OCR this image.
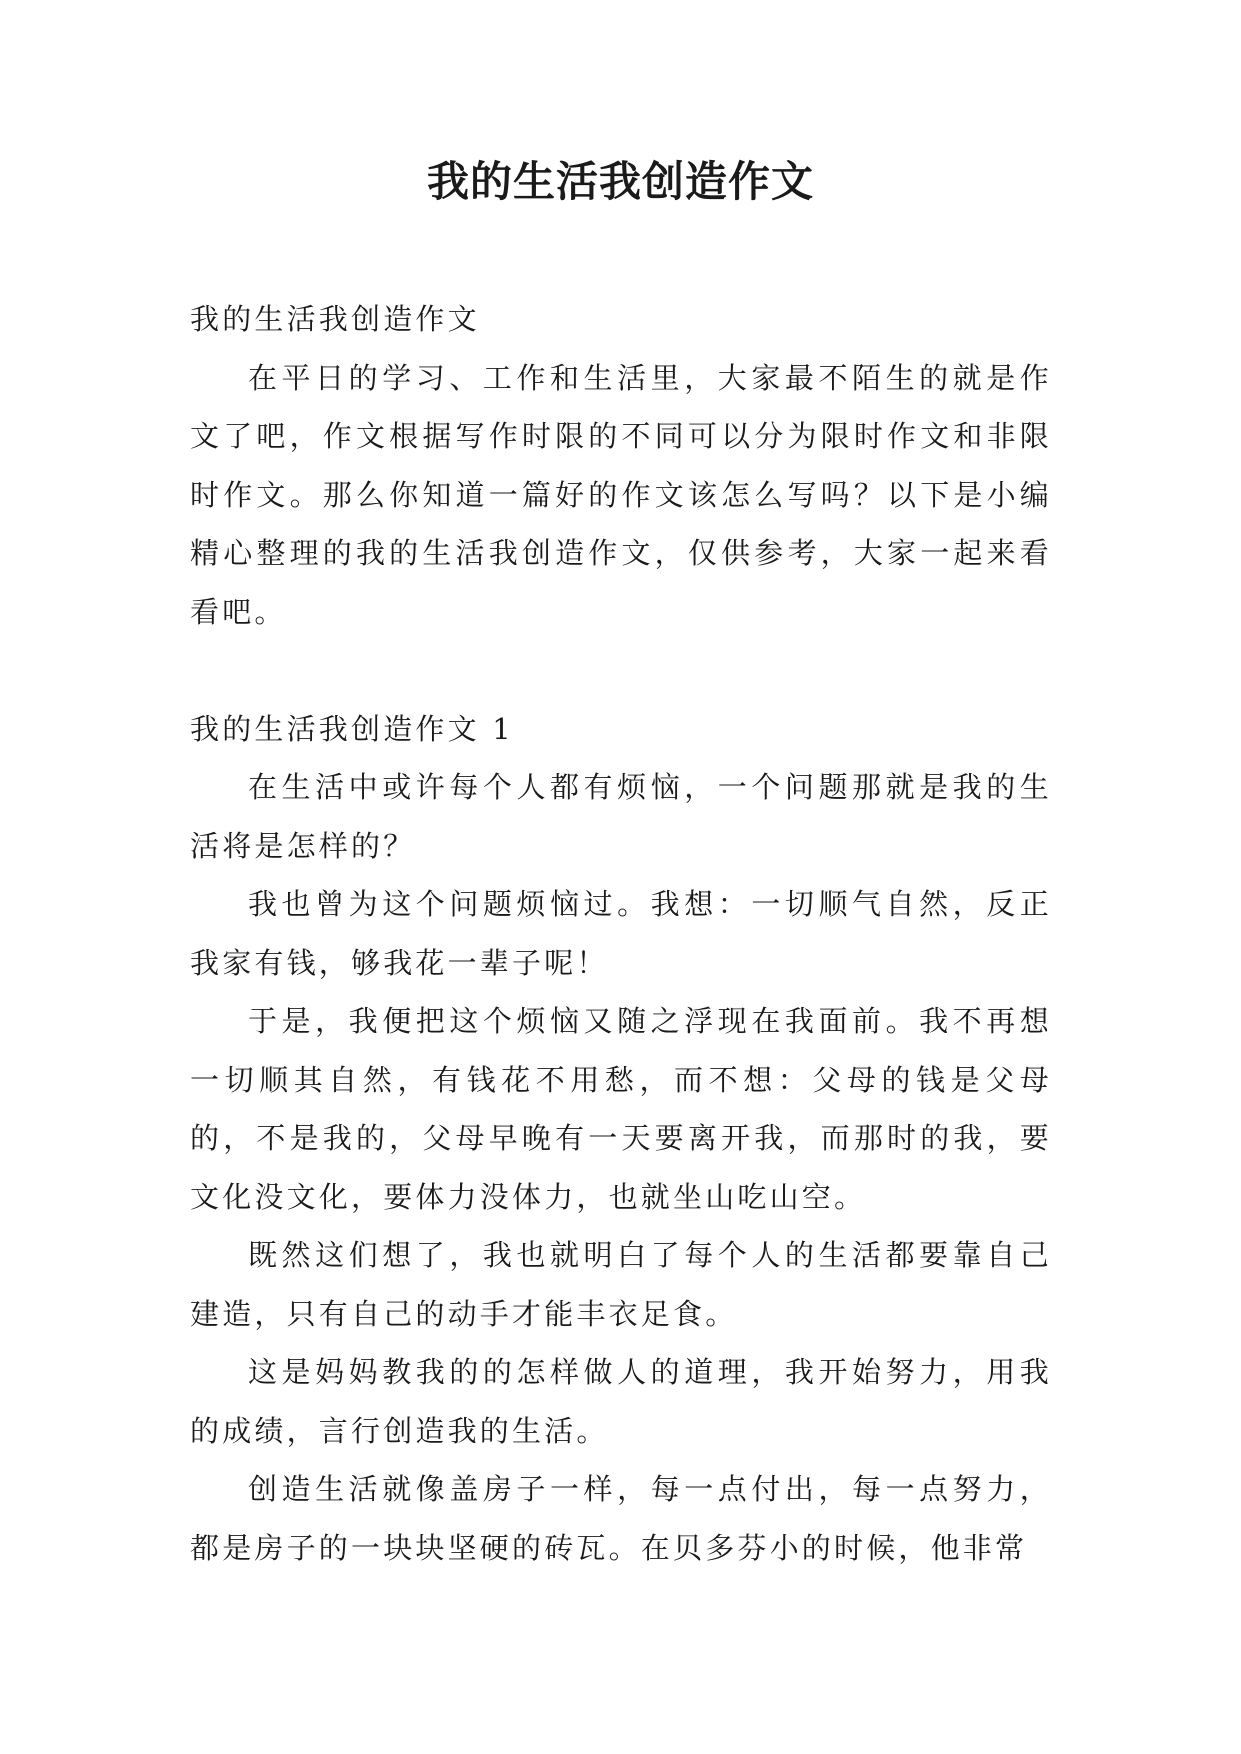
我的生活我创造作文

我的生活我创造作文

在平日的学习、工作和生活里，大家最不陌生的就是作文了吧，作文根据写作时限的不同可以分为限时作文和非限时作文。那么你知道一篇好的作文该怎么写吗？以下是小编精心整理的我的生活我创造作文，仅供参考，大家一起来看看吧。

我的生活我创造作文 1

在生活中或许每个人都有烦恼，一个问题那就是我的生活将是怎样的？

我也曾为这个问题烦恼过。我想：一切顺气自然，反正我家有钱，够我花一辈子呢！

于是，我便把这个烦恼又随之浮现在我面前。我不再想一切顺其自然，有钱花不用愁，而不想：父母的钱是父母的，不是我的，父母早晚有一天要离开我，而那时的我，要文化没文化，要体力没体力，也就坐山吃山空。

既然这们想了，我也就明白了每个人的生活都要靠自己建造，只有自己的动手才能丰衣足食。

这是妈妈教我的的怎样做人的道理，我开始努力，用我的成绩，言行创造我的生活。

创造生活就像盖房子一样，每一点付出，每一点努力，都是房子的一块块坚硬的砖瓦。在贝多芬小的时候，他非常
